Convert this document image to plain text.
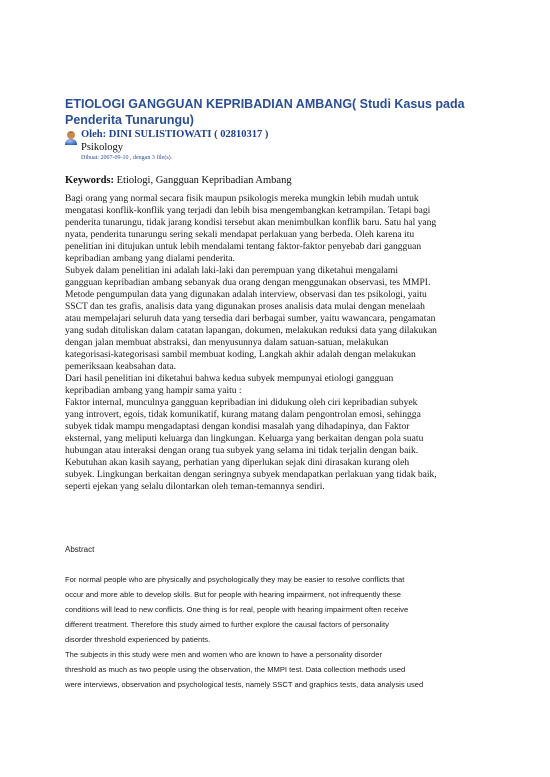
ETIOLOGI GANGGUAN KEPRIBADIAN AMBANG( Studi Kasus pada Penderita Tunarungu)
Oleh: DINI SULISTIOWATI ( 02810317 )
Psikology
Dibuat: 2007-09-10 , dengan 3 file(s).
Keywords: Etiologi, Gangguan Kepribadian Ambang
Bagi orang yang normal secara fisik maupun psikologis mereka mungkin lebih mudah untuk
mengatasi konflik-konflik yang terjadi dan lebih bisa mengembangkan ketrampilan. Tetapi bagi
penderita tunarungu, tidak jarang kondisi tersebut akan menimbulkan konflik baru. Satu hal yang
nyata, penderita tunarungu sering sekali mendapat perlakuan yang berbeda. Oleh karena itu
penelitian ini ditujukan untuk lebih mendalami tentang faktor-faktor penyebab dari gangguan
kepribadian ambang yang dialami penderita.
Subyek dalam penelitian ini adalah laki-laki dan perempuan yang diketahui mengalami
gangguan kepribadian ambang sebanyak dua orang dengan menggunakan observasi, tes MMPI.
Metode pengumpulan data yang digunakan adalah interview, observasi dan tes psikologi, yaitu
SSCT dan tes grafis, analisis data yang digunakan proses analisis data mulai dengan menelaah
atau mempelajari seluruh data yang tersedia dari berbagai sumber, yaitu wawancara, pengamatan
yang sudah dituliskan dalam catatan lapangan, dokumen, melakukan reduksi data yang dilakukan
dengan jalan membuat abstraksi, dan menyusunnya dalam satuan-satuan, melakukan
kategorisasi-kategorisasi sambil membuat koding, Langkah akhir adalah dengan melakukan
pemeriksaan keabsahan data.
Dari hasil penelitian ini diketahui bahwa kedua subyek mempunyai etiologi gangguan
kepribadian ambang yang hampir sama yaitu :
Faktor internal, munculnya gangguan kepribadian ini didukung oleh ciri kepribadian subyek
yang introvert, egois, tidak komunikatif, kurang matang dalam pengontrolan emosi, sehingga
subyek tidak mampu mengadaptasi dengan kondisi masalah yang dihadapinya, dan Faktor
eksternal, yang meliputi keluarga dan lingkungan. Keluarga yang berkaitan dengan pola suatu
hubungan atau interaksi dengan orang tua subyek yang selama ini tidak terjalin dengan baik.
Kebutuhan akan kasih sayang, perhatian yang diperlukan sejak dini dirasakan kurang oleh
subyek. Lingkungan berkaitan dengan seringnya subyek mendapatkan perlakuan yang tidak baik,
seperti ejekan yang selalu dilontarkan oleh teman-temannya sendiri.
Abstract
For normal people who are physically and psychologically they may be easier to resolve conflicts that
occur and more able to develop skills. But for people with hearing impairment, not infrequently these
conditions will lead to new conflicts. One thing is for real, people with hearing impairment often receive
different treatment. Therefore this study aimed to further explore the causal factors of personality
disorder threshold experienced by patients.
The subjects in this study were men and women who are known to have a personality disorder
threshold as much as two people using the observation, the MMPI test. Data collection methods used
were interviews, observation and psychological tests, namely SSCT and graphics tests, data analysis used
